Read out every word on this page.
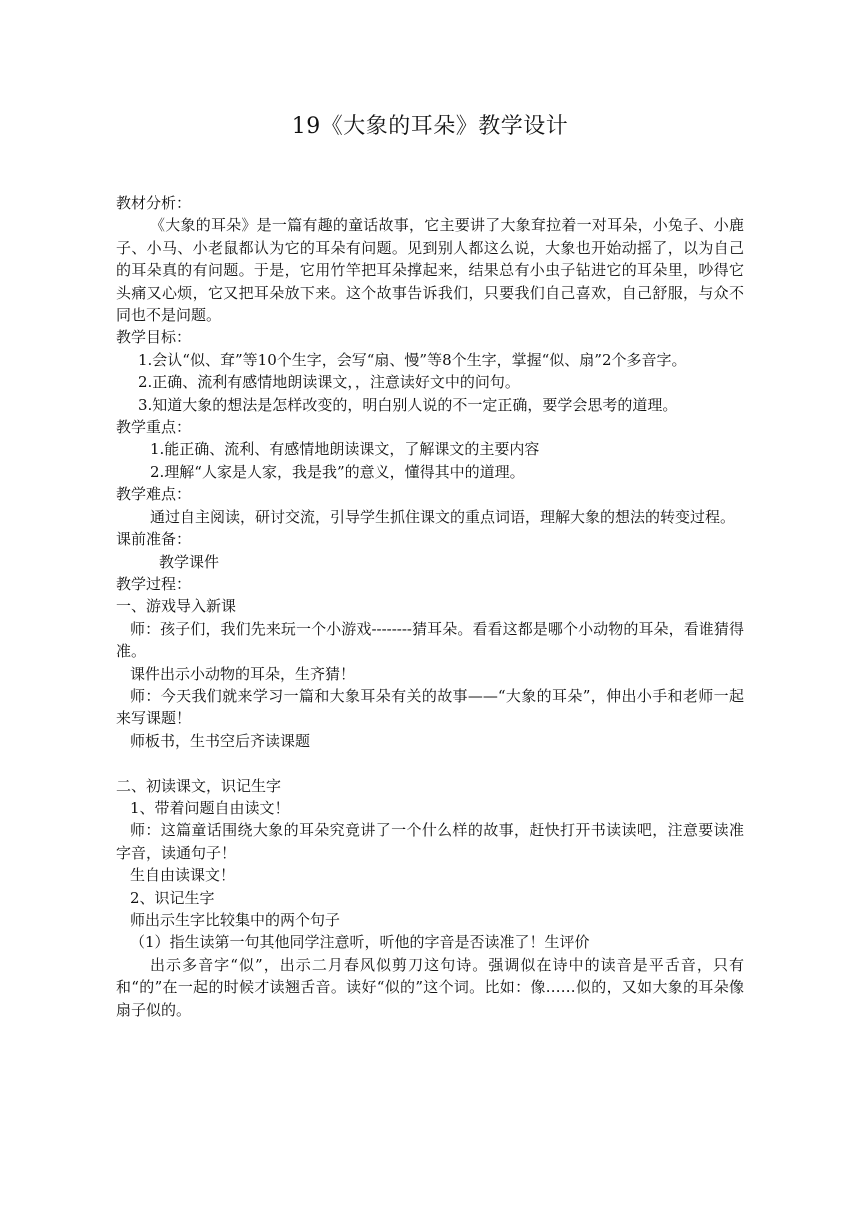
19《大象的耳朵》教学设计

教材分析：

《大象的耳朵》是一篇有趣的童话故事，它主要讲了大象耷拉着一对耳朵，小兔子、小鹿子、小马、小老鼠都认为它的耳朵有问题。见到别人都这么说，大象也开始动摇了，以为自己的耳朵真的有问题。于是，它用竹竿把耳朵撑起来，结果总有小虫子钻进它的耳朵里，吵得它头痛又心烦，它又把耳朵放下来。这个故事告诉我们，只要我们自己喜欢，自己舒服，与众不同也不是问题。

教学目标：

1.会认“似、耷”等10个生字，会写“扇、慢”等8个生字，掌握“似、扇”2个多音字。

2.正确、流利有感情地朗读课文，，注意读好文中的问句。

3.知道大象的想法是怎样改变的，明白别人说的不一定正确，要学会思考的道理。

教学重点：

1.能正确、流利、有感情地朗读课文，了解课文的主要内容

2.理解“人家是人家，我是我”的意义，懂得其中的道理。

教学难点：

通过自主阅读，研讨交流，引导学生抓住课文的重点词语，理解大象的想法的转变过程。

课前准备：

教学课件

教学过程：

一、游戏导入新课

师：孩子们，我们先来玩一个小游戏--------猜耳朵。看看这都是哪个小动物的耳朵，看谁猜得准。

课件出示小动物的耳朵，生齐猜！

师：今天我们就来学习一篇和大象耳朵有关的故事——“大象的耳朵”，伸出小手和老师一起来写课题！

师板书，生书空后齐读课题

二、初读课文，识记生字

1、带着问题自由读文！

师：这篇童话围绕大象的耳朵究竟讲了一个什么样的故事，赶快打开书读读吧，注意要读准字音，读通句子！

生自由读课文！

2、识记生字

师出示生字比较集中的两个句子

（1）指生读第一句其他同学注意听，听他的字音是否读准了！生评价

出示多音字“似”，出示二月春风似剪刀这句诗。强调似在诗中的读音是平舌音，只有和“的”在一起的时候才读翘舌音。读好“似的”这个词。比如：像……似的，又如大象的耳朵像扇子似的。
